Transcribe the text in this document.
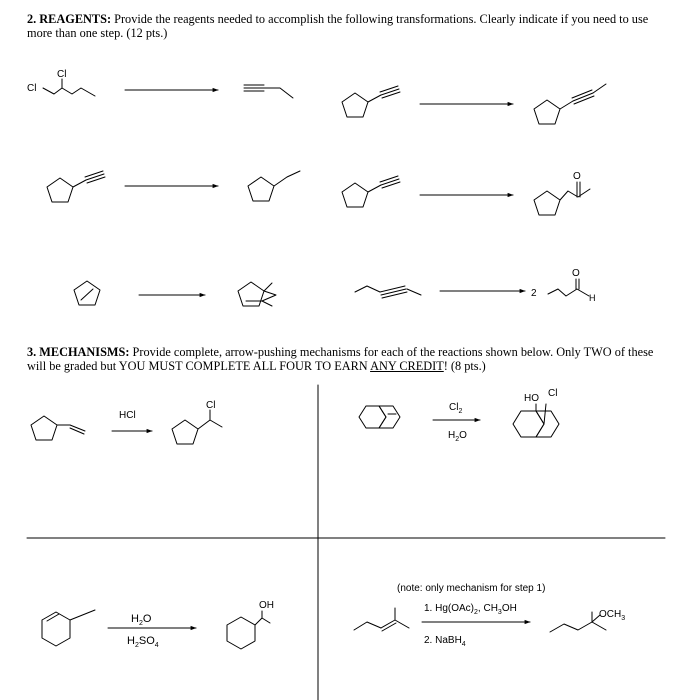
2. REAGENTS: Provide the reagents needed to accomplish the following transformations. Clearly indicate if you need to use more than one step. (12 pts.)
3. MECHANISMS: Provide complete, arrow-pushing mechanisms for each of the reactions shown below. Only TWO of these will be graded but YOU MUST COMPLETE ALL FOUR TO EARN ANY CREDIT! (8 pts.)
Cl
Cl
O
2
O
H
HCl
Cl	$Cl_2$
$H_2O$
HO Cl
$H_2O$
$H_2SO_4$
OH
(note: only mechanism for step 1)
1. $Hg(OAc)_2$, $CH_3OH$
2. NaBH$_4$
$OCH_3$
